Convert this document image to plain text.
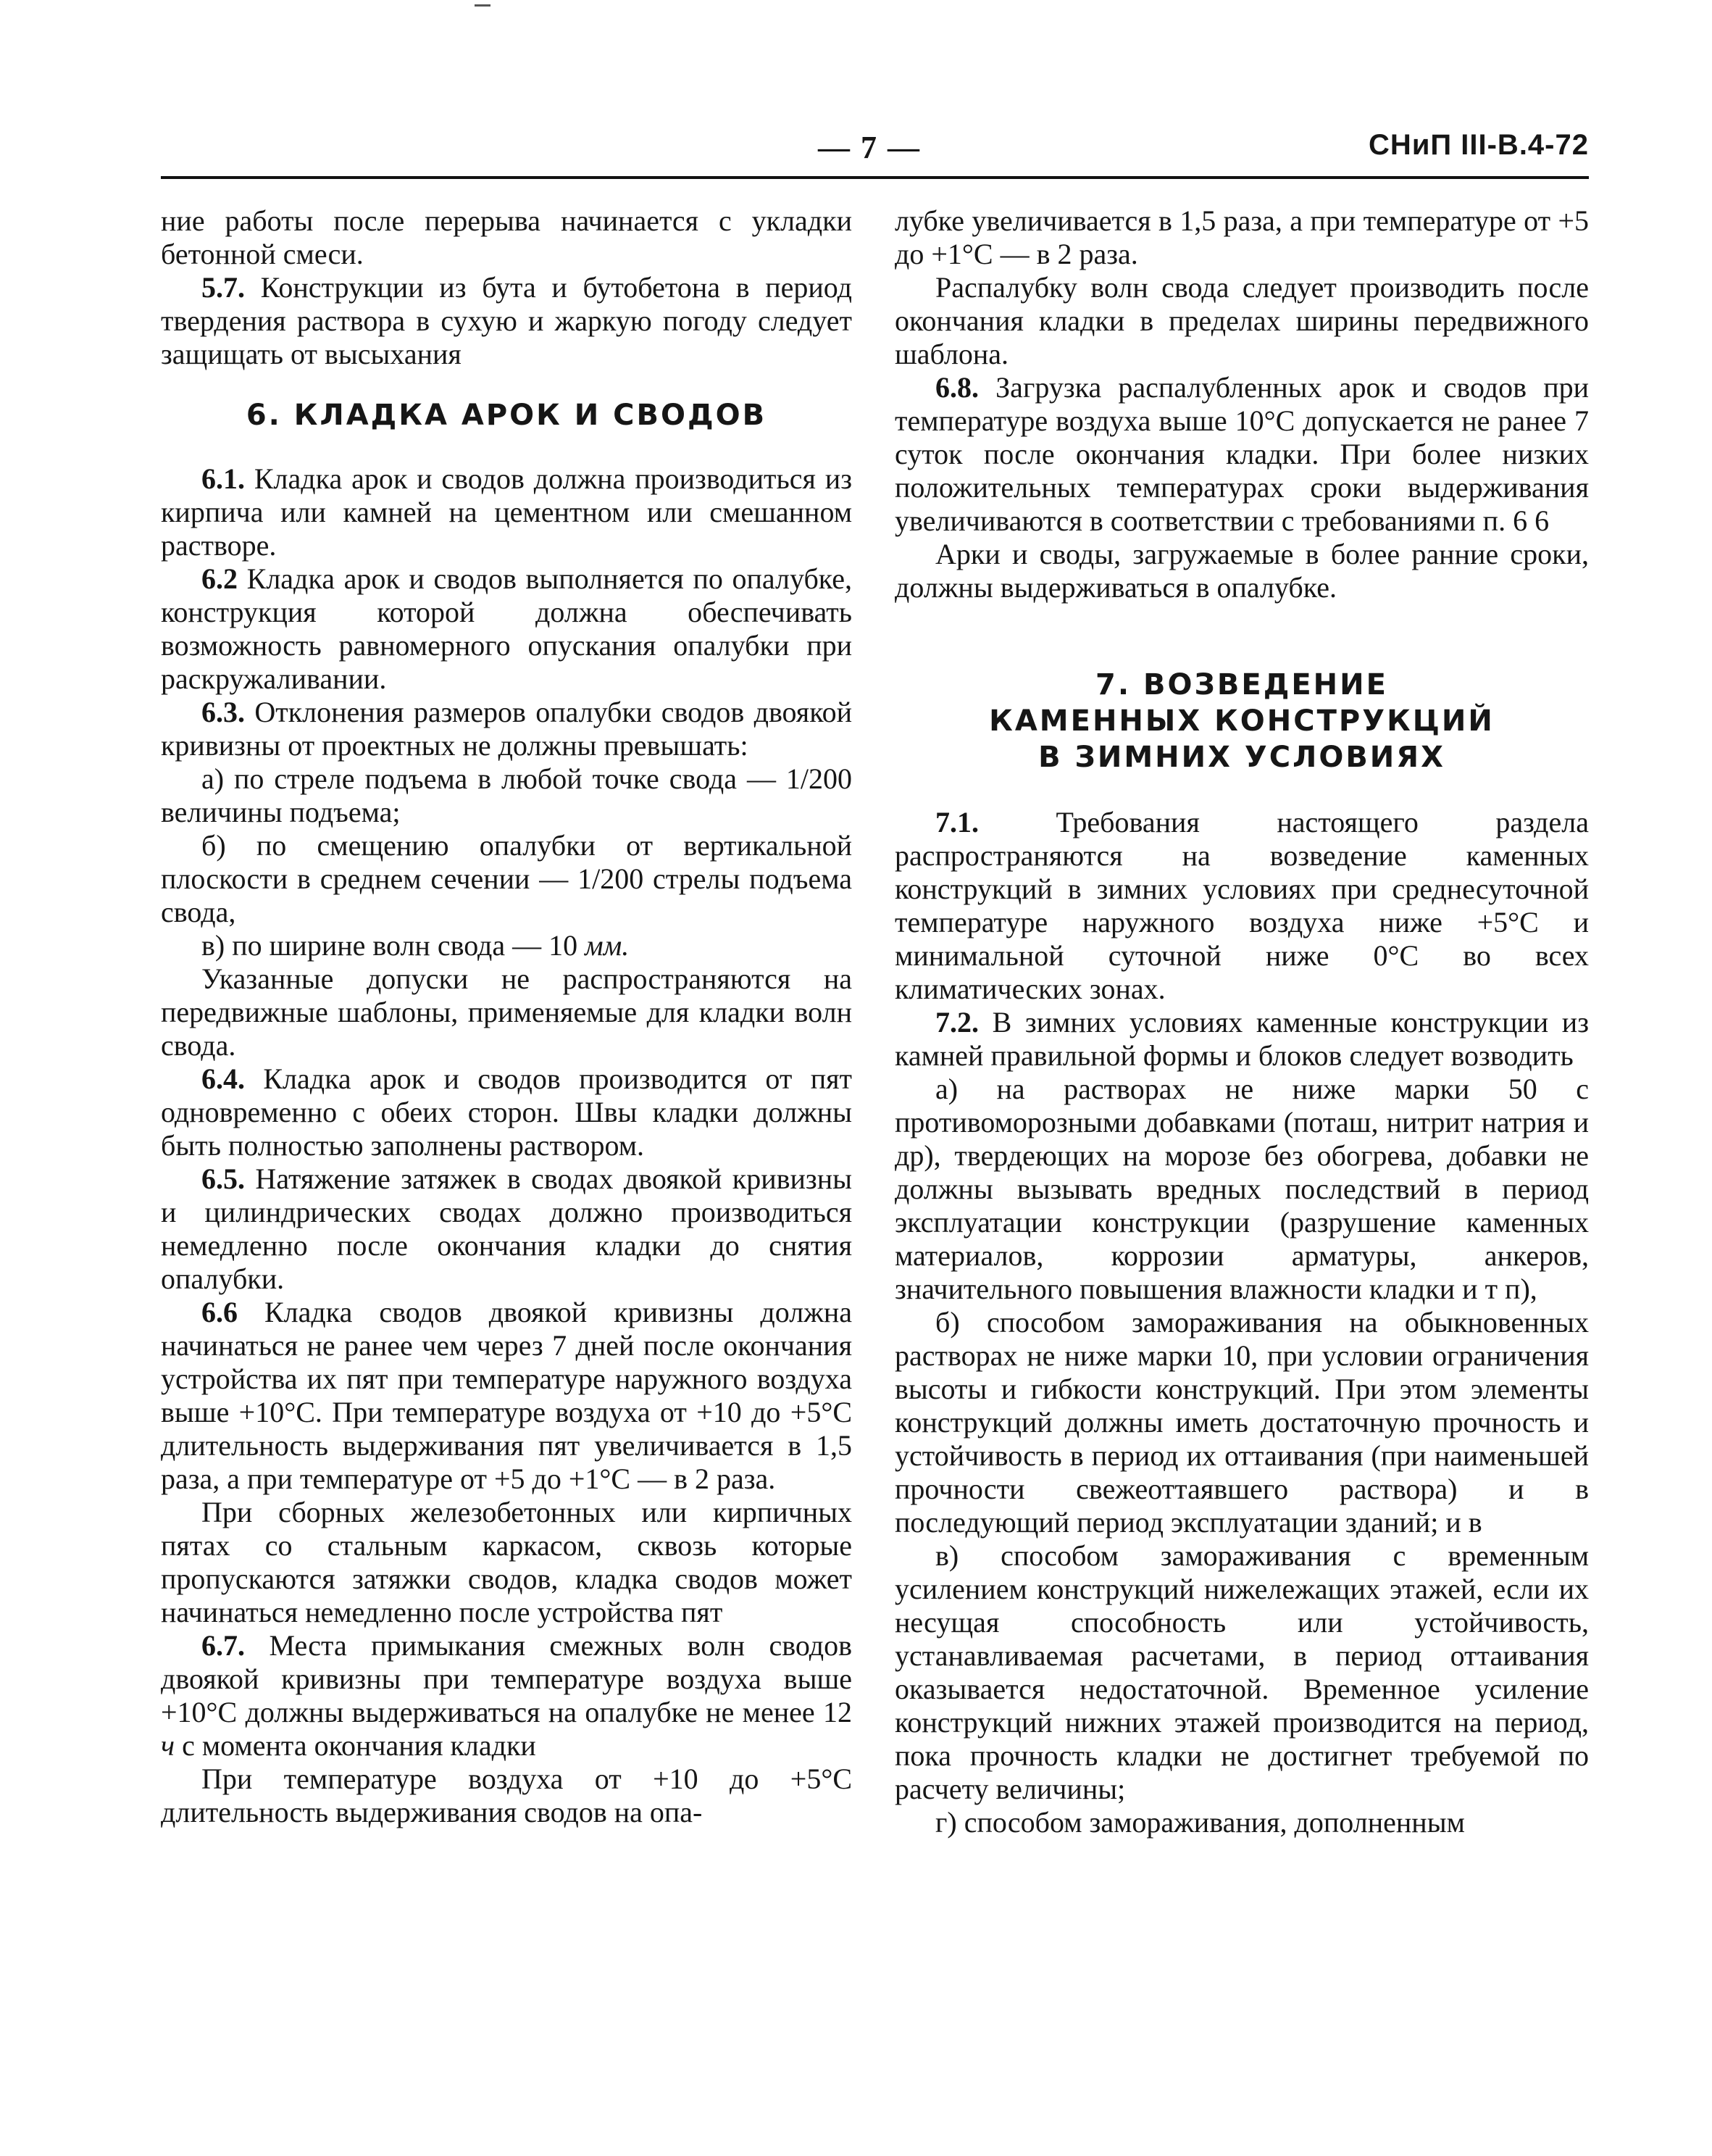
— 7 —	СНиП III-В.4-72

ние работы после перерыва начинается с укладки бетонной смеси.

5.7. Конструкции из бута и бутобетона в период твердения раствора в сухую и жаркую погоду следует защищать от высыхания

6. КЛАДКА АРОК И СВОДОВ

6.1. Кладка арок и сводов должна производиться из кирпича или камней на цементном или смешанном растворе.

6.2 Кладка арок и сводов выполняется по опалубке, конструкция которой должна обеспечивать возможность равномерного опускания опалубки при раскружаливании.

6.3. Отклонения размеров опалубки сводов двоякой кривизны от проектных не должны превышать:

а) по стреле подъема в любой точке свода — 1/200 величины подъема;

б) по смещению опалубки от вертикальной плоскости в среднем сечении — 1/200 стрелы подъема свода,

в) по ширине волн свода — 10 мм.

Указанные допуски не распространяются на передвижные шаблоны, применяемые для кладки волн свода.

6.4. Кладка арок и сводов производится от пят одновременно с обеих сторон. Швы кладки должны быть полностью заполнены раствором.

6.5. Натяжение затяжек в сводах двоякой кривизны и цилиндрических сводах должно производиться немедленно после окончания кладки до снятия опалубки.

6.6 Кладка сводов двоякой кривизны должна начинаться не ранее чем через 7 дней после окончания устройства их пят при температуре наружного воздуха выше +10°С. При температуре воздуха от +10 до +5°С длительность выдерживания пят увеличивается в 1,5 раза, а при температуре от +5 до +1°С — в 2 раза.

При сборных железобетонных или кирпичных пятах со стальным каркасом, сквозь которые пропускаются затяжки сводов, кладка сводов может начинаться немедленно после устройства пят

6.7. Места примыкания смежных волн сводов двоякой кривизны при температуре воздуха выше +10°С должны выдерживаться на опалубке не менее 12 ч с момента окончания кладки

При температуре воздуха от +10 до +5°С длительность выдерживания сводов на опа-

лубке увеличивается в 1,5 раза, а при температуре от +5 до +1°С — в 2 раза.

Распалубку волн свода следует производить после окончания кладки в пределах ширины передвижного шаблона.

6.8. Загрузка распалубленных арок и сводов при температуре воздуха выше 10°С допускается не ранее 7 суток после окончания кладки. При более низких положительных температурах сроки выдерживания увеличиваются в соответствии с требованиями п. 6 6

Арки и своды, загружаемые в более ранние сроки, должны выдерживаться в опалубке.

7. ВОЗВЕДЕНИЕ
КАМЕННЫХ КОНСТРУКЦИЙ
В ЗИМНИХ УСЛОВИЯХ

7.1. Требования настоящего раздела распространяются на возведение каменных конструкций в зимних условиях при среднесуточной температуре наружного воздуха ниже +5°С и минимальной суточной ниже 0°С во всех климатических зонах.

7.2. В зимних условиях каменные конструкции из камней правильной формы и блоков следует возводить

а) на растворах не ниже марки 50 с противоморозными добавками (поташ, нитрит натрия и др), твердеющих на морозе без обогрева, добавки не должны вызывать вредных последствий в период эксплуатации конструкции (разрушение каменных материалов, коррозии арматуры, анкеров, значительного повышения влажности кладки и т п),

б) способом замораживания на обыкновенных растворах не ниже марки 10, при условии ограничения высоты и гибкости конструкций. При этом элементы конструкций должны иметь достаточную прочность и устойчивость в период их оттаивания (при наименьшей прочности свежеоттаявшего раствора) и в последующий период эксплуатации зданий; и в

в) способом замораживания с временным усилением конструкций нижележащих этажей, если их несущая способность или устойчивость, устанавливаемая расчетами, в период оттаивания оказывается недостаточной. Временное усиление конструкций нижних этажей производится на период, пока прочность кладки не достигнет требуемой по расчету величины;

г) способом замораживания, дополненным
